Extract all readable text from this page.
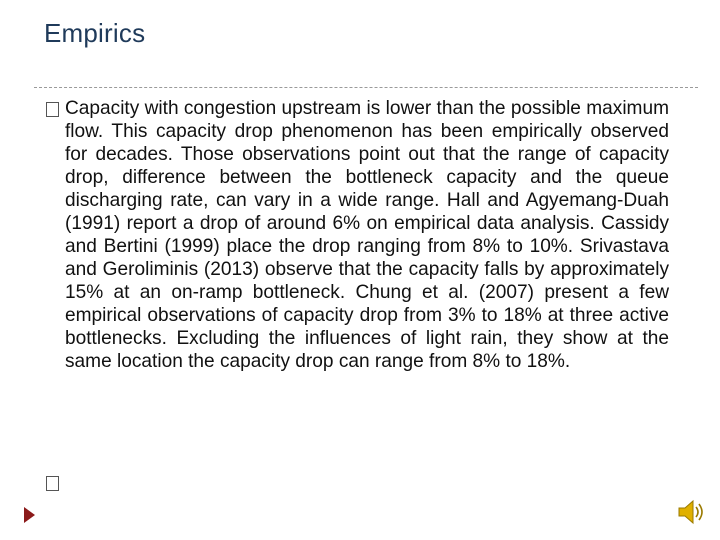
Empirics
Capacity with congestion upstream is lower than the possible maximum flow. This capacity drop phenomenon has been empirically observed for decades. Those observations point out that the range of capacity drop, difference between the bottleneck capacity and the queue discharging rate, can vary in a wide range. Hall and Agyemang-Duah (1991) report a drop of around 6% on empirical data analysis. Cassidy and Bertini (1999) place the drop ranging from 8% to 10%. Srivastava and Geroliminis (2013) observe that the capacity falls by approximately 15% at an on-ramp bottleneck. Chung et al. (2007) present a few empirical observations of capacity drop from 3% to 18% at three active bottlenecks. Excluding the influences of light rain, they show at the same location the capacity drop can range from 8% to 18%.
